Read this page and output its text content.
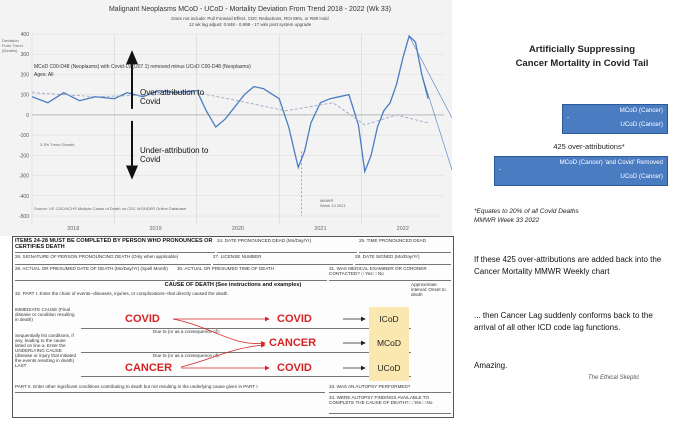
-500
-400
-300
-200
-100
0
100
200
300
400
2018	2019	2020	2021	2022
Malignant Neoplasms MCoD - UCoD - Mortality Deviation From Trend 2018 - 2022 (Wk 33)
Does not include: Pull Forward Effect, CDC Redactions, ROI 89%, or R99 Hold
12 wk lag adjust: 0.848 - 0.998 - 17 wks post system upgrade
Deviation From Trend (Deaths)
MCoD C00-D48 (Neoplasms) with Covid-19 (U07.1) removed minus UCoD C00-D48 (Neoplasms)
Ages: All
Over-attribution to Covid
Under-attribution to Covid
3.3% Trend Growth
MMWR
Week 14 2021
Source: US CDC/NCHS Multiple Cause of Death on CDC WONDER Online Database
Artificially Suppressing
Cancer Mortality in Covid Tail
MCoD (Cancer)
-
UCoD (Cancer)
425 over-attributions*
MCoD (Cancer) 'and Covid' Removed
-
UCoD (Cancer)
*Equates to 20% of all Covid Deaths
MMWR Week 33 2022
If these 425 over-attributions are added back into the Cancer Mortality MMWR Weekly chart
... then Cancer Lag suddenly conforms back to the arrival of all other ICD code lag functions.
Amazing.
The Ethical Skeptic
ITEMS 24-28 MUST BE COMPLETED BY PERSON WHO PRONOUNCES OR CERTIFIES DEATH
24. DATE PRONOUNCED DEAD (Mo/Day/Yr)	25. TIME PRONOUNCED DEAD
26. SIGNATURE OF PERSON PRONOUNCING DEATH (Only when applicable)	27. LICENSE NUMBER	28. DATE SIGNED (Mo/Day/Yr)
29. ACTUAL OR PRESUMED DATE OF DEATH (Mo/Day/Yr) (Spell Month)	30. ACTUAL OR PRESUMED TIME OF DEATH	31. WAS MEDICAL EXAMINER OR CORONER CONTACTED? □ Yes □ No
CAUSE OF DEATH (See instructions and examples)	Approximate interval: Onset to death
32. PART I. Enter the chain of events--diseases, injuries, or complications--that directly caused the death.
IMMEDIATE CAUSE (Final disease or condition resulting in death)
Sequentially list conditions, if any, leading to the cause listed on line a. Enter the UNDERLYING CAUSE (disease or injury that initiated the events resulting in death) LAST
Due to (or as a consequence of):
Due to (or as a consequence of):
COVID
CANCER
COVID
CANCER
COVID
ICoD
MCoD
UCoD
PART II. Enter other significant conditions contributing to death but not resulting in the underlying cause given in PART I	33. WAS AN AUTOPSY PERFORMED?
34. WERE AUTOPSY FINDINGS AVAILABLE TO COMPLETE THE CAUSE OF DEATH? □ Yes □ No
